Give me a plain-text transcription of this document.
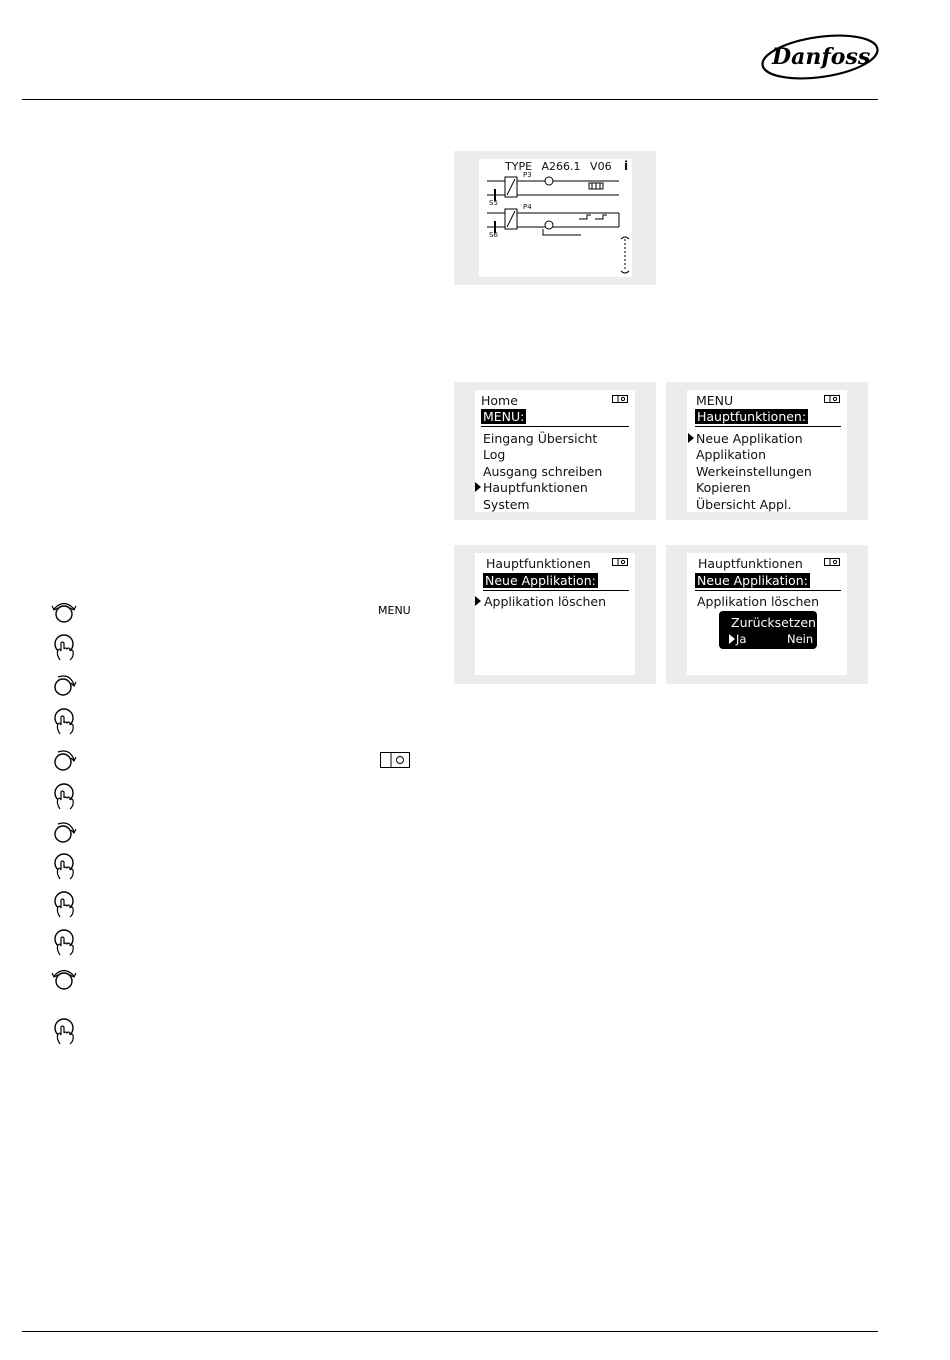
Danfoss
TYPE A266.1 V06 i
P3
P4
S5
S6
Home
MENU:
Eingang Übersicht
Log
Ausgang schreiben
Hauptfunktionen
System
MENU
Hauptfunktionen:
Neue Applikation
Applikation
Werkeinstellungen
Kopieren
Übersicht Appl.
Hauptfunktionen
Neue Applikation:
Applikation löschen
Hauptfunktionen
Neue Applikation:
Applikation löschen
Zurücksetzen
Ja	Nein
MENU
